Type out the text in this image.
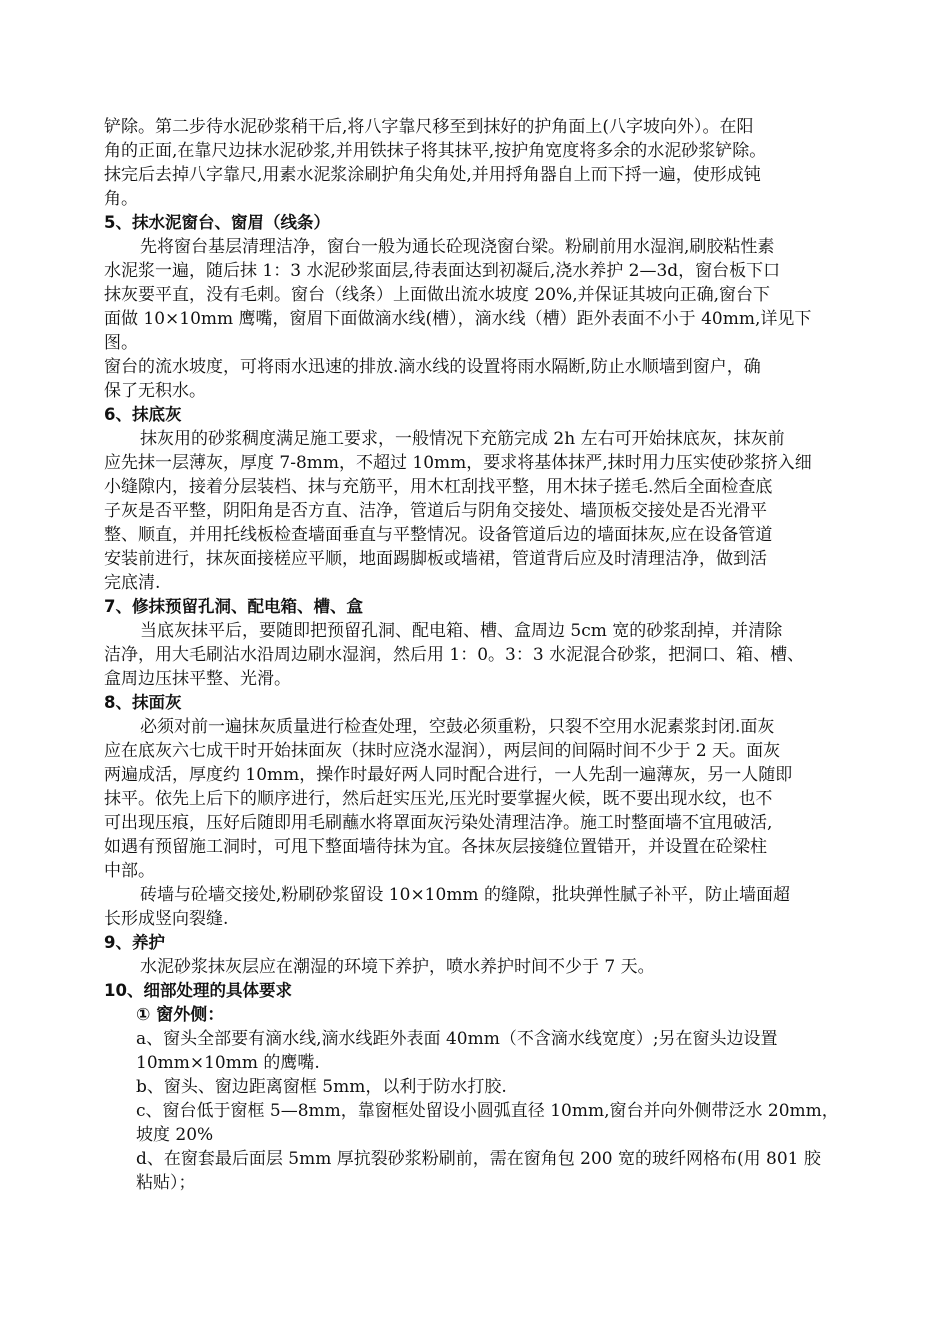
铲除。第二步待水泥砂浆稍干后,将八字靠尺移至到抹好的护角面上(八字坡向外）。在阳
角的正面,在靠尺边抹水泥砂浆,并用铁抹子将其抹平,按护角宽度将多余的水泥砂浆铲除。
抹完后去掉八字靠尺,用素水泥浆涂刷护角尖角处,并用捋角器自上而下捋一遍，使形成钝
角。
5、抹水泥窗台、窗眉（线条）
先将窗台基层清理洁净，窗台一般为通长砼现浇窗台梁。粉刷前用水湿润,刷胶粘性素
水泥浆一遍，随后抹 1：3 水泥砂浆面层,待表面达到初凝后,浇水养护 2—3d，窗台板下口
抹灰要平直，没有毛刺。窗台（线条）上面做出流水坡度 20%,并保证其坡向正确,窗台下
面做 10×10mm 鹰嘴，窗眉下面做滴水线(槽），滴水线（槽）距外表面不小于 40mm,详见下
图。
窗台的流水坡度，可将雨水迅速的排放.滴水线的设置将雨水隔断,防止水顺墙到窗户，确
保了无积水。
6、抹底灰
抹灰用的砂浆稠度满足施工要求，一般情况下充筋完成 2h 左右可开始抹底灰，抹灰前
应先抹一层薄灰，厚度 7-8mm，不超过 10mm，要求将基体抹严,抹时用力压实使砂浆挤入细
小缝隙内，接着分层装档、抹与充筋平，用木杠刮找平整，用木抹子搓毛.然后全面检查底
子灰是否平整，阴阳角是否方直、洁净，管道后与阴角交接处、墙顶板交接处是否光滑平
整、顺直，并用托线板检查墙面垂直与平整情况。设备管道后边的墙面抹灰,应在设备管道
安装前进行，抹灰面接槎应平顺，地面踢脚板或墙裙，管道背后应及时清理洁净，做到活
完底清.
7、修抹预留孔洞、配电箱、槽、盒
当底灰抹平后，要随即把预留孔洞、配电箱、槽、盒周边 5cm 宽的砂浆刮掉，并清除
洁净，用大毛刷沾水沿周边刷水湿润，然后用 1：0。3：3 水泥混合砂浆，把洞口、箱、槽、
盒周边压抹平整、光滑。
8、抹面灰
必须对前一遍抹灰质量进行检查处理，空鼓必须重粉，只裂不空用水泥素浆封闭.面灰
应在底灰六七成干时开始抹面灰（抹时应浇水湿润），两层间的间隔时间不少于 2 天。面灰
两遍成活，厚度约 10mm，操作时最好两人同时配合进行，一人先刮一遍薄灰，另一人随即
抹平。依先上后下的顺序进行，然后赶实压光,压光时要掌握火候，既不要出现水纹，也不
可出现压痕，压好后随即用毛刷蘸水将罩面灰污染处清理洁净。施工时整面墙不宜甩破活,
如遇有预留施工洞时，可甩下整面墙待抹为宜。各抹灰层接缝位置错开，并设置在砼梁柱
中部。
砖墙与砼墙交接处,粉刷砂浆留设 10×10mm 的缝隙，批块弹性腻子补平，防止墙面超
长形成竖向裂缝.
9、养护
水泥砂浆抹灰层应在潮湿的环境下养护，喷水养护时间不少于 7 天。
10、细部处理的具体要求
① 窗外侧：
a、窗头全部要有滴水线,滴水线距外表面 40mm（不含滴水线宽度）;另在窗头边设置
10mm×10mm 的鹰嘴.
b、窗头、窗边距离窗框 5mm，以利于防水打胶.
c、窗台低于窗框 5—8mm，靠窗框处留设小圆弧直径 10mm,窗台并向外侧带泛水 20mm，
坡度 20%
d、在窗套最后面层 5mm 厚抗裂砂浆粉刷前，需在窗角包 200 宽的玻纤网格布(用 801 胶
粘贴）；
